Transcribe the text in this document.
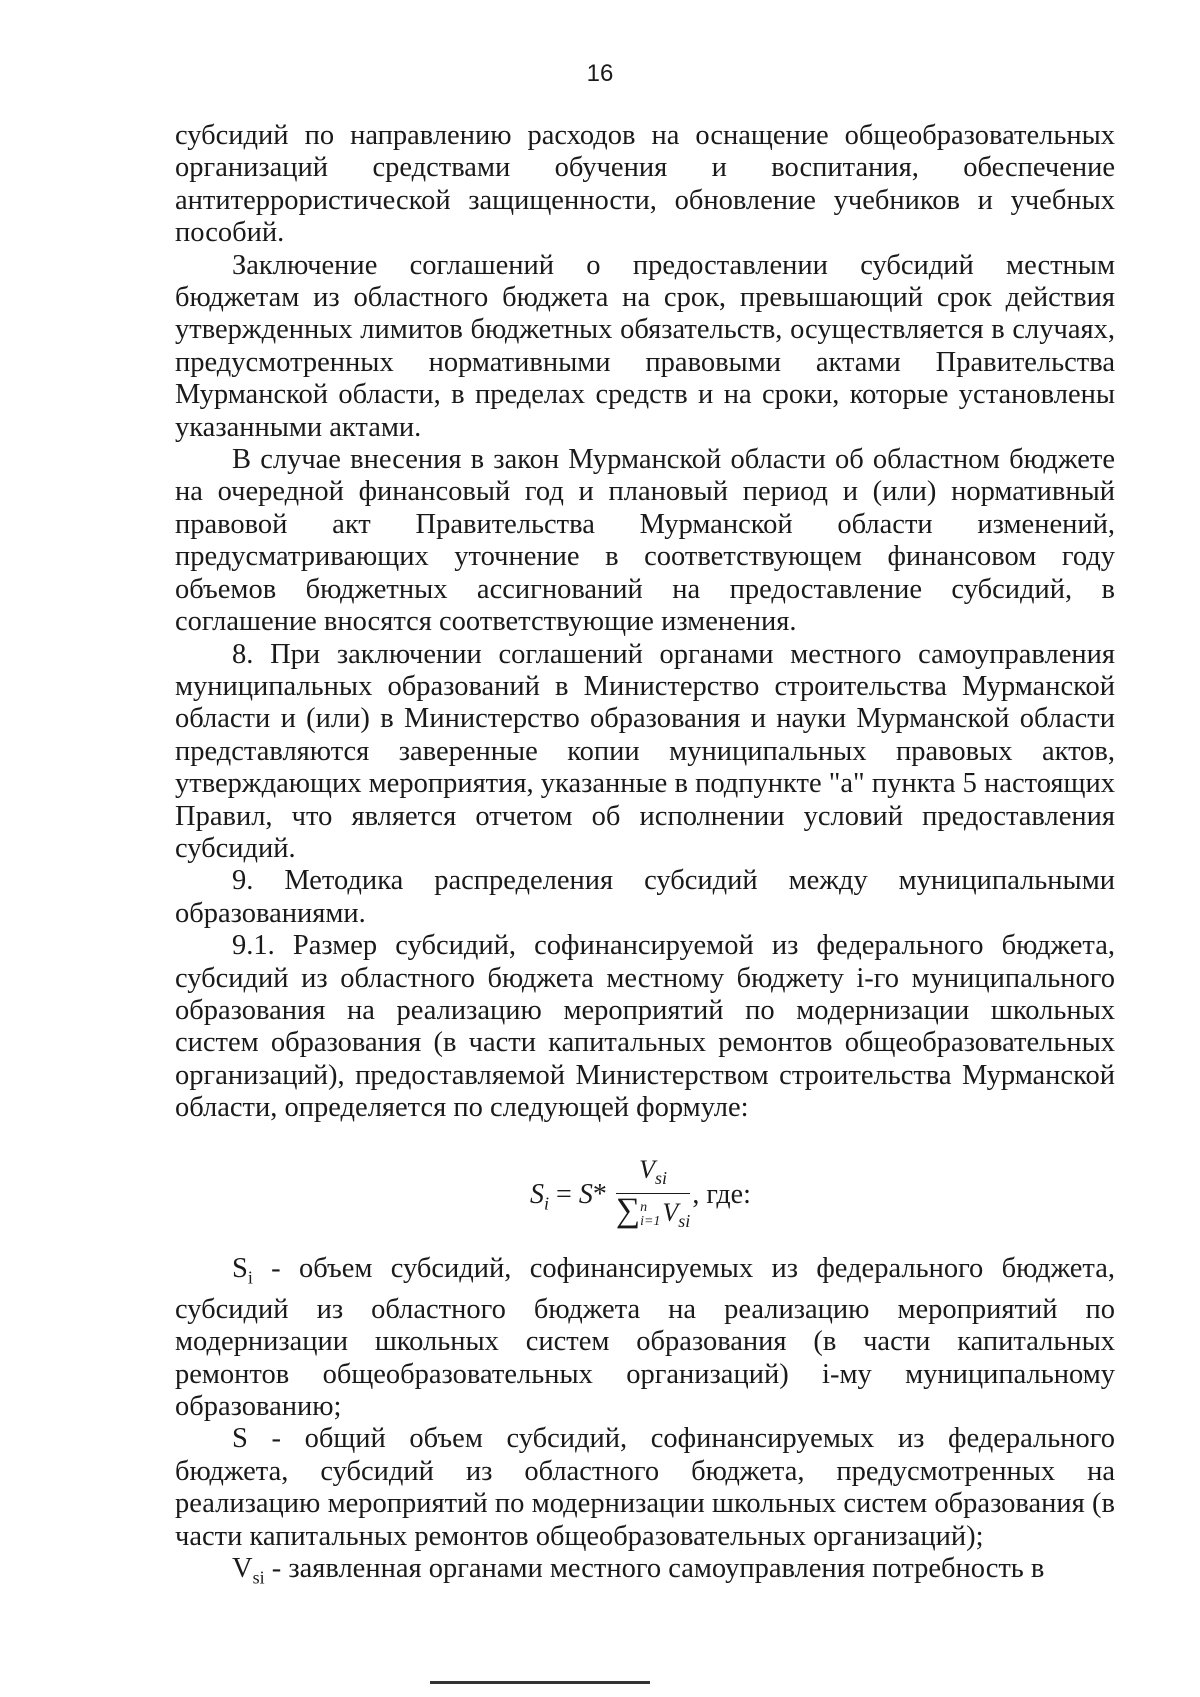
16

субсидий по направлению расходов на оснащение общеобразовательных организаций средствами обучения и воспитания, обеспечение антитеррористической защищенности, обновление учебников и учебных пособий.

Заключение соглашений о предоставлении субсидий местным бюджетам из областного бюджета на срок, превышающий срок действия утвержденных лимитов бюджетных обязательств, осуществляется в случаях, предусмотренных нормативными правовыми актами Правительства Мурманской области, в пределах средств и на сроки, которые установлены указанными актами.

В случае внесения в закон Мурманской области об областном бюджете на очередной финансовый год и плановый период и (или) нормативный правовой акт Правительства Мурманской области изменений, предусматривающих уточнение в соответствующем финансовом году объемов бюджетных ассигнований на предоставление субсидий, в соглашение вносятся соответствующие изменения.

8. При заключении соглашений органами местного самоуправления муниципальных образований в Министерство строительства Мурманской области и (или) в Министерство образования и науки Мурманской области представляются заверенные копии муниципальных правовых актов, утверждающих мероприятия, указанные в подпункте "а" пункта 5 настоящих Правил, что является отчетом об исполнении условий предоставления субсидий.

9. Методика распределения субсидий между муниципальными образованиями.

9.1. Размер субсидий, софинансируемой из федерального бюджета, субсидий из областного бюджета местному бюджету i-го муниципального образования на реализацию мероприятий по модернизации школьных систем образования (в части капитальных ремонтов общеобразовательных организаций), предоставляемой Министерством строительства Мурманской области, определяется по следующей формуле:

$S_i = S*$ $V_{si}$
∑ n
i=1 $V_{si}$ , где:

$S_i$ - объем субсидий, софинансируемых из федерального бюджета, субсидий из областного бюджета на реализацию мероприятий по модернизации школьных систем образования (в части капитальных ремонтов общеобразовательных организаций) i-му муниципальному образованию;

S - общий объем субсидий, софинансируемых из федерального бюджета, субсидий из областного бюджета, предусмотренных на реализацию мероприятий по модернизации школьных систем образования (в части капитальных ремонтов общеобразовательных организаций);

$V_{si}$ - заявленная органами местного самоуправления потребность в
